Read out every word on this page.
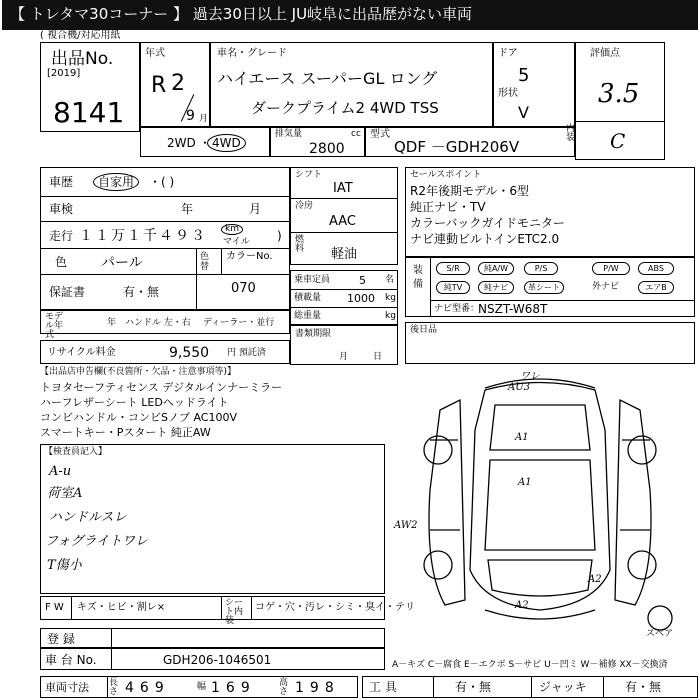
【 トレタマ30コーナー 】 過去30日以上 JU岐阜に出品歴がない車両
( 複合機/対応用紙
出品No.
[2019]
8141
年式
R 2
9 月
車名・グレード
ハイエース スーパーGL ロング
ダークプライム2 4WD TSS
ドア
5
形状
V
評価点
3.5
内装 C
2WD ・ 4WD
排気量	cc
2800
型式
QDF －GDH206V
車歴	自家用	・( )
車検	年	月
走行 １１万１千４９３	km
マイル )
色 パール	色替
カラーNo.
070
保証書	有・無
モデル年式
年 ハンドル 左・右 ディーラー・並行
リサイクル料金	9,550 円 預託済
シフト
IAT
冷房
AAC
燃料 軽油
乗車定員	5 名
積載量 1000 kg
総重量	kg
書類期限
月	日
セールスポイント
R2年後期モデル・6型
純正ナビ・TV
カラーバックガイドモニター
ナビ連動ビルトインETC2.0
装備
S/R	純A/W	P/S	P/W	ABS
純TV	純ナビ	革シート	外ナビ	エアB
ナビ型番：
NSZT-W68T
後日品
【出品店申告欄(不良箇所・欠品・注意事項等)】
トヨタセーフティセンス デジタルインナーミラー
ハーフレザーシート LEDヘッドライト
コンビハンドル・コンビSノブ AC100V
スマートキー・Pスタート 純正AW
【検査員記入】
A-u
荷室A
ハンドルスレ
フォグライトワレ
T傷小
ワレ
AU3
A1
A1
AW2
A2
A2
スペア
F W キズ・ヒビ・割レ×	シート内装
コゲ・穴・汚レ・シミ・臭イ・テリ
登 録
車 台 No.	GDH206-1046501	A－キズ C－腐食 E－エクボ S－サビ U－凹ミ W－補修 XX－交換済
車両寸法 長さ 469	幅 169	高さ 198 工 具	有・無	ジャッキ	有・無
